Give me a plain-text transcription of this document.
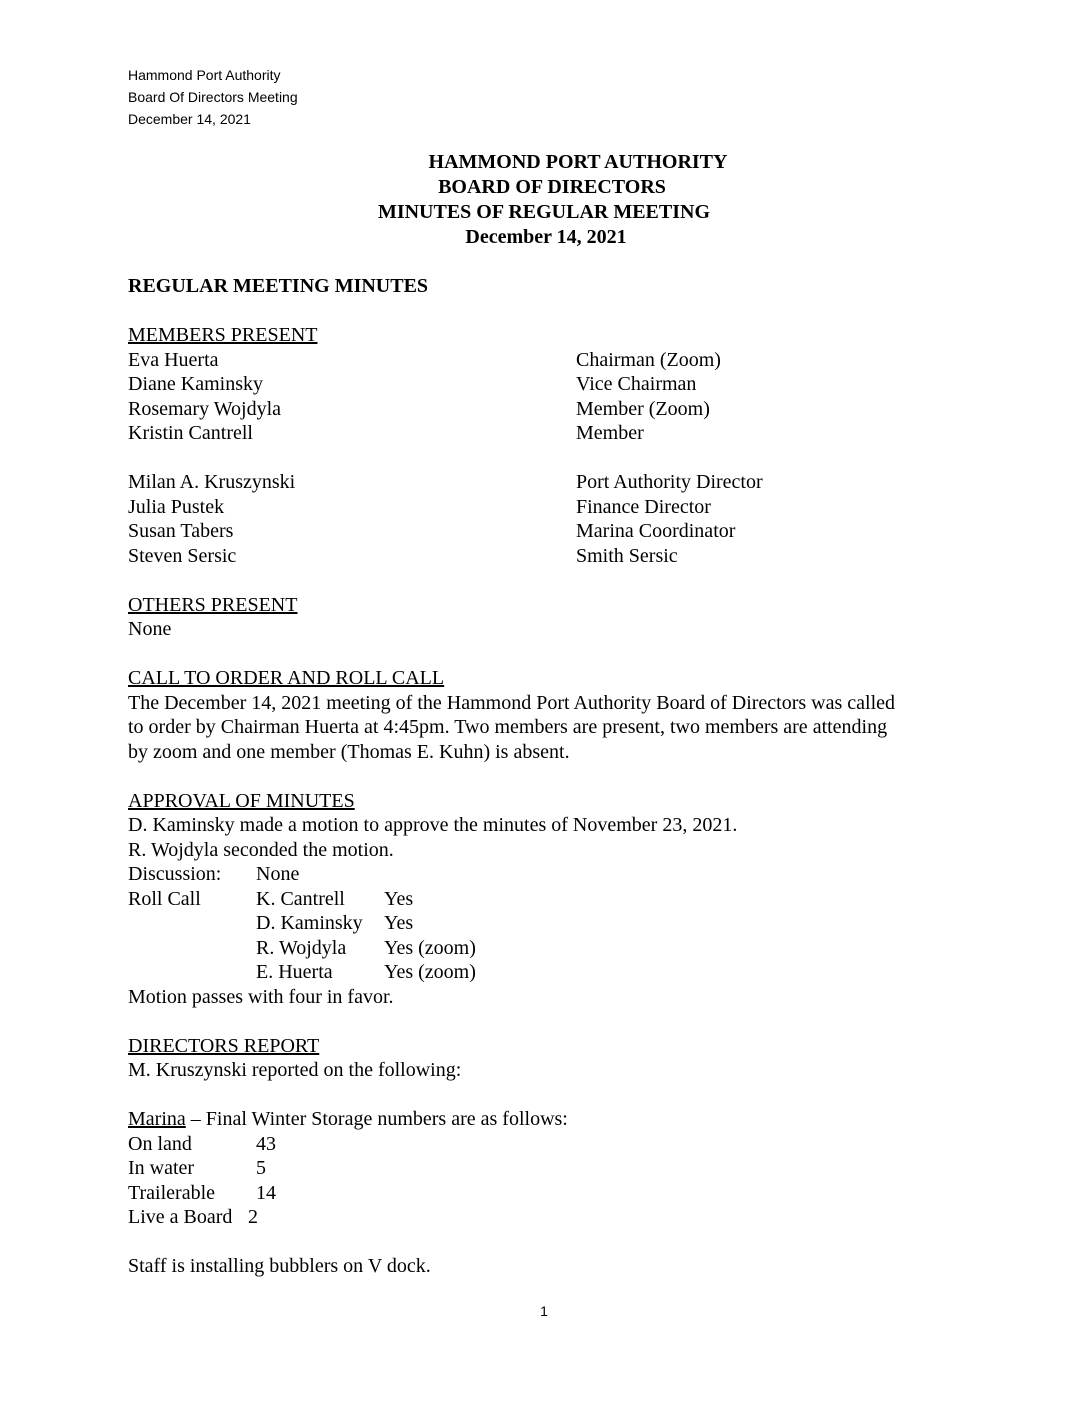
Hammond Port Authority
Board Of Directors Meeting
December 14, 2021
HAMMOND PORT AUTHORITY
BOARD OF DIRECTORS
MINUTES OF REGULAR MEETING
December 14, 2021
REGULAR MEETING MINUTES
MEMBERS PRESENT
Eva Huerta	Chairman (Zoom)
Diane Kaminsky	Vice Chairman
Rosemary Wojdyla	Member (Zoom)
Kristin Cantrell	Member
Milan A. Kruszynski	Port Authority Director
Julia Pustek	Finance Director
Susan Tabers	Marina Coordinator
Steven Sersic	Smith Sersic
OTHERS PRESENT
None
CALL TO ORDER AND ROLL CALL
The December 14, 2021 meeting of the Hammond Port Authority Board of Directors was called
to order by Chairman Huerta at 4:45pm. Two members are present, two members are attending
by zoom and one member (Thomas E. Kuhn) is absent.
APPROVAL OF MINUTES
D. Kaminsky made a motion to approve the minutes of November 23, 2021.
R. Wojdyla seconded the motion.
Discussion: None
Roll Call	K. Cantrell Yes
D. Kaminsky Yes
R. Wojdyla Yes (zoom)
E. Huerta	Yes (zoom)
Motion passes with four in favor.
DIRECTORS REPORT
M. Kruszynski reported on the following:
Marina – Final Winter Storage numbers are as follows:
On land	43
In water	5
Trailerable 14
Live a Board 2
Staff is installing bubblers on V dock.
1
